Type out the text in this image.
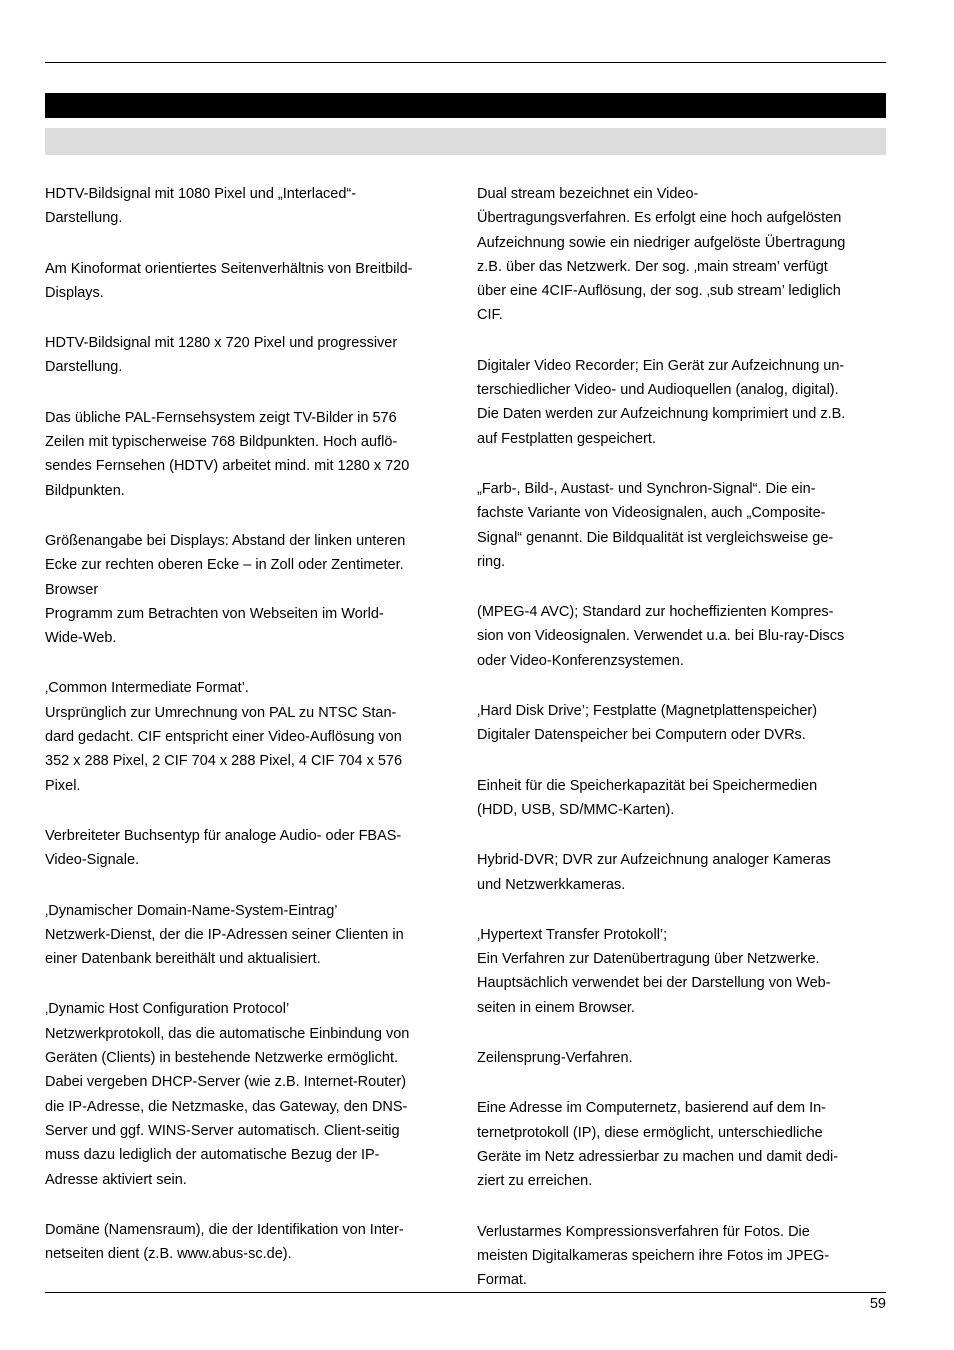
HDTV-Bildsignal mit 1080 Pixel und „Interlaced“-

Darstellung.

Am Kinoformat orientiertes Seitenverhältnis von Breitbild-

Displays.

HDTV-Bildsignal mit 1280 x 720 Pixel und progressiver

Darstellung.

Das übliche PAL-Fernsehsystem zeigt TV-Bilder in 576

Zeilen mit typischerweise 768 Bildpunkten. Hoch auflö-

sendes Fernsehen (HDTV) arbeitet mind. mit 1280 x 720

Bildpunkten.

Größenangabe bei Displays: Abstand der linken unteren

Ecke zur rechten oberen Ecke – in Zoll oder Zentimeter.

Browser

Programm zum Betrachten von Webseiten im World-

Wide-Web.

‚Common Intermediate Format’.

Ursprünglich zur Umrechnung von PAL zu NTSC Stan-

dard gedacht. CIF entspricht einer Video-Auflösung von

352 x 288 Pixel, 2 CIF 704 x 288 Pixel, 4 CIF 704 x 576

Pixel.

Verbreiteter Buchsentyp für analoge Audio- oder FBAS-

Video-Signale.

‚Dynamischer Domain-Name-System-Eintrag’

Netzwerk-Dienst, der die IP-Adressen seiner Clienten in

einer Datenbank bereithält und aktualisiert.

‚Dynamic Host Configuration Protocol’

Netzwerkprotokoll, das die automatische Einbindung von

Geräten (Clients) in bestehende Netzwerke ermöglicht.

Dabei vergeben DHCP-Server (wie z.B. Internet-Router)

die IP-Adresse, die Netzmaske, das Gateway, den DNS-

Server und ggf. WINS-Server automatisch. Client-seitig

muss dazu lediglich der automatische Bezug der IP-

Adresse aktiviert sein.

Domäne (Namensraum), die der Identifikation von Inter-

netseiten dient (z.B. www.abus-sc.de).

Dual stream bezeichnet ein Video-

Übertragungsverfahren. Es erfolgt eine hoch aufgelösten

Aufzeichnung sowie ein niedriger aufgelöste Übertragung

z.B. über das Netzwerk. Der sog. ‚main stream’ verfügt

über eine 4CIF-Auflösung, der sog. ‚sub stream’ lediglich

CIF.

Digitaler Video Recorder; Ein Gerät zur Aufzeichnung un-

terschiedlicher Video- und Audioquellen (analog, digital).

Die Daten werden zur Aufzeichnung komprimiert und z.B.

auf Festplatten gespeichert.

„Farb-, Bild-, Austast- und Synchron-Signal“. Die ein-

fachste Variante von Videosignalen, auch „Composite-

Signal“ genannt. Die Bildqualität ist vergleichsweise ge-

ring.

(MPEG-4 AVC); Standard zur hocheffizienten Kompres-

sion von Videosignalen. Verwendet u.a. bei Blu-ray-Discs

oder Video-Konferenzsystemen.

‚Hard Disk Drive’; Festplatte (Magnetplattenspeicher)

Digitaler Datenspeicher bei Computern oder DVRs.

Einheit für die Speicherkapazität bei Speichermedien

(HDD, USB, SD/MMC-Karten).

Hybrid-DVR; DVR zur Aufzeichnung analoger Kameras

und Netzwerkkameras.

‚Hypertext Transfer Protokoll’;

Ein Verfahren zur Datenübertragung über Netzwerke.

Hauptsächlich verwendet bei der Darstellung von Web-

seiten in einem Browser.

Zeilensprung-Verfahren.

Eine Adresse im Computernetz, basierend auf dem In-

ternetprotokoll (IP), diese ermöglicht, unterschiedliche

Geräte im Netz adressierbar zu machen und damit dedi-

ziert zu erreichen.

Verlustarmes Kompressionsverfahren für Fotos. Die

meisten Digitalkameras speichern ihre Fotos im JPEG-

Format.

59
